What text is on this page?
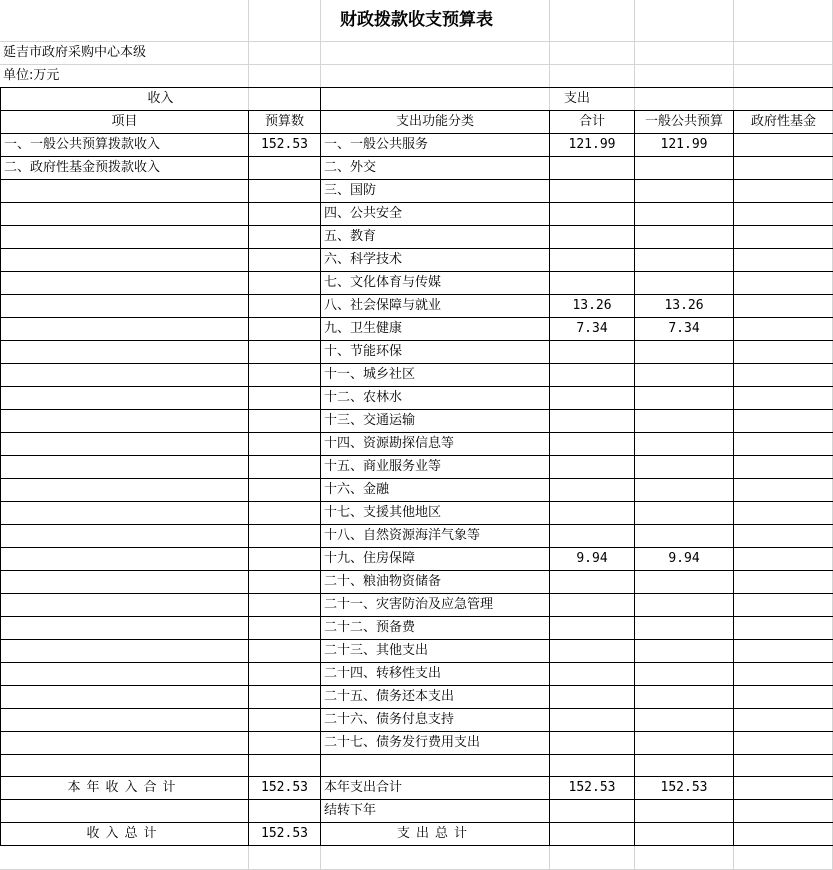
财政拨款收支预算表
延吉市政府采购中心本级
单位:万元
收入		支出			
项目	预算数	支出功能分类	合计	一般公共预算	政府性基金
一、一般公共预算拨款收入	152.53	一、一般公共服务	121.99	121.99	
二、政府性基金预拨款收入		二、外交			
		三、国防			
		四、公共安全			
		五、教育			
		六、科学技术			
		七、文化体育与传媒			
		八、社会保障与就业	13.26	13.26	
		九、卫生健康	7.34	7.34	
		十、节能环保			
		十一、城乡社区			
		十二、农林水			
		十三、交通运输			
		十四、资源勘探信息等			
		十五、商业服务业等			
		十六、金融			
		十七、支援其他地区			
		十八、自然资源海洋气象等			
		十九、住房保障	9.94	9.94	
		二十、粮油物资储备			
		二十一、灾害防治及应急管理			
		二十二、预备费			
		二十三、其他支出			
		二十四、转移性支出			
		二十五、债务还本支出			
		二十六、债务付息支持			
		二十七、债务发行费用支出			

本年收入合计	152.53	本年支出合计	152.53	152.53	
		结转下年			
收入总计	152.53	支出总计			
